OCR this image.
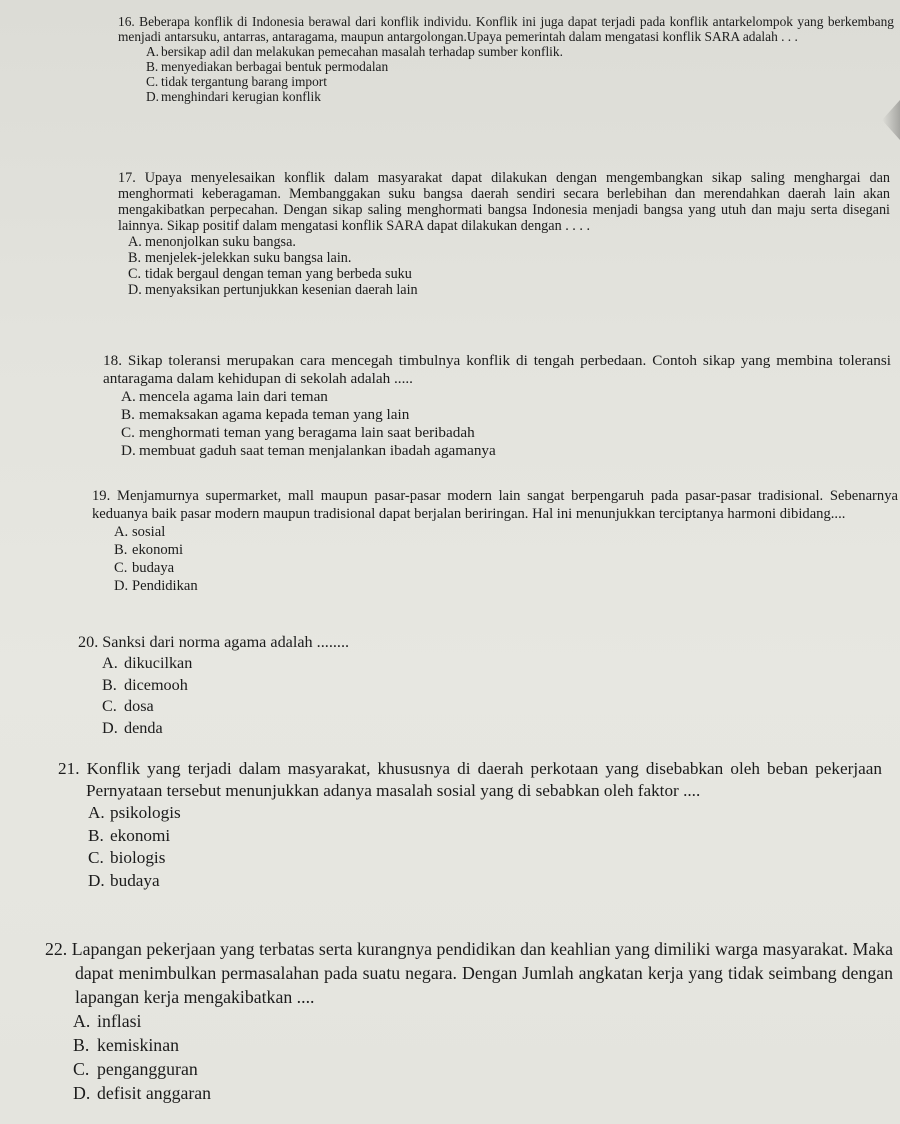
16. Beberapa konflik di Indonesia berawal dari konflik individu. Konflik ini juga dapat terjadi pada konflik antarkelompok yang berkembang menjadi antarsuku, antarras, antaragama, maupun antargolongan.Upaya pemerintah dalam mengatasi konflik SARA adalah . . .

A. bersikap adil dan melakukan pemecahan masalah terhadap sumber konflik.
B. menyediakan berbagai bentuk permodalan
C. tidak tergantung barang import
D. menghindari kerugian konflik

17. Upaya menyelesaikan konflik dalam masyarakat dapat dilakukan dengan mengembangkan sikap saling menghargai dan menghormati keberagaman. Membanggakan suku bangsa daerah sendiri secara berlebihan dan merendahkan daerah lain akan mengakibatkan perpecahan. Dengan sikap saling menghormati bangsa Indonesia menjadi bangsa yang utuh dan maju serta disegani lainnya. Sikap positif dalam mengatasi konflik SARA dapat dilakukan dengan . . . .

A. menonjolkan suku bangsa.
B. menjelek-jelekkan suku bangsa lain.
C. tidak bergaul dengan teman yang berbeda suku
D. menyaksikan pertunjukkan kesenian daerah lain

18. Sikap toleransi merupakan cara mencegah timbulnya konflik di tengah perbedaan. Contoh sikap yang membina toleransi antaragama dalam kehidupan di sekolah adalah .....

A. mencela agama lain dari teman
B. memaksakan agama kepada teman yang lain
C. menghormati teman yang beragama lain saat beribadah
D. membuat gaduh saat teman menjalankan ibadah agamanya

19. Menjamurnya supermarket, mall maupun pasar-pasar modern lain sangat berpengaruh pada pasar-pasar tradisional. Sebenarnya keduanya baik pasar modern maupun tradisional dapat berjalan beriringan. Hal ini menunjukkan terciptanya harmoni dibidang....

A. sosial
B. ekonomi
C. budaya
D. Pendidikan

20. Sanksi dari norma agama adalah ........

A. dikucilkan
B. dicemooh
C. dosa
D. denda

21. Konflik yang terjadi dalam masyarakat, khususnya di daerah perkotaan yang disebabkan oleh beban pekerjaan Pernyataan tersebut menunjukkan adanya masalah sosial yang di sebabkan oleh faktor ....

A. psikologis
B. ekonomi
C. biologis
D. budaya

22. Lapangan pekerjaan yang terbatas serta kurangnya pendidikan dan keahlian yang dimiliki warga masyarakat. Maka dapat menimbulkan permasalahan pada suatu negara. Dengan Jumlah angkatan kerja yang tidak seimbang dengan lapangan kerja mengakibatkan ....

A. inflasi
B. kemiskinan
C. pengangguran
D. defisit anggaran
